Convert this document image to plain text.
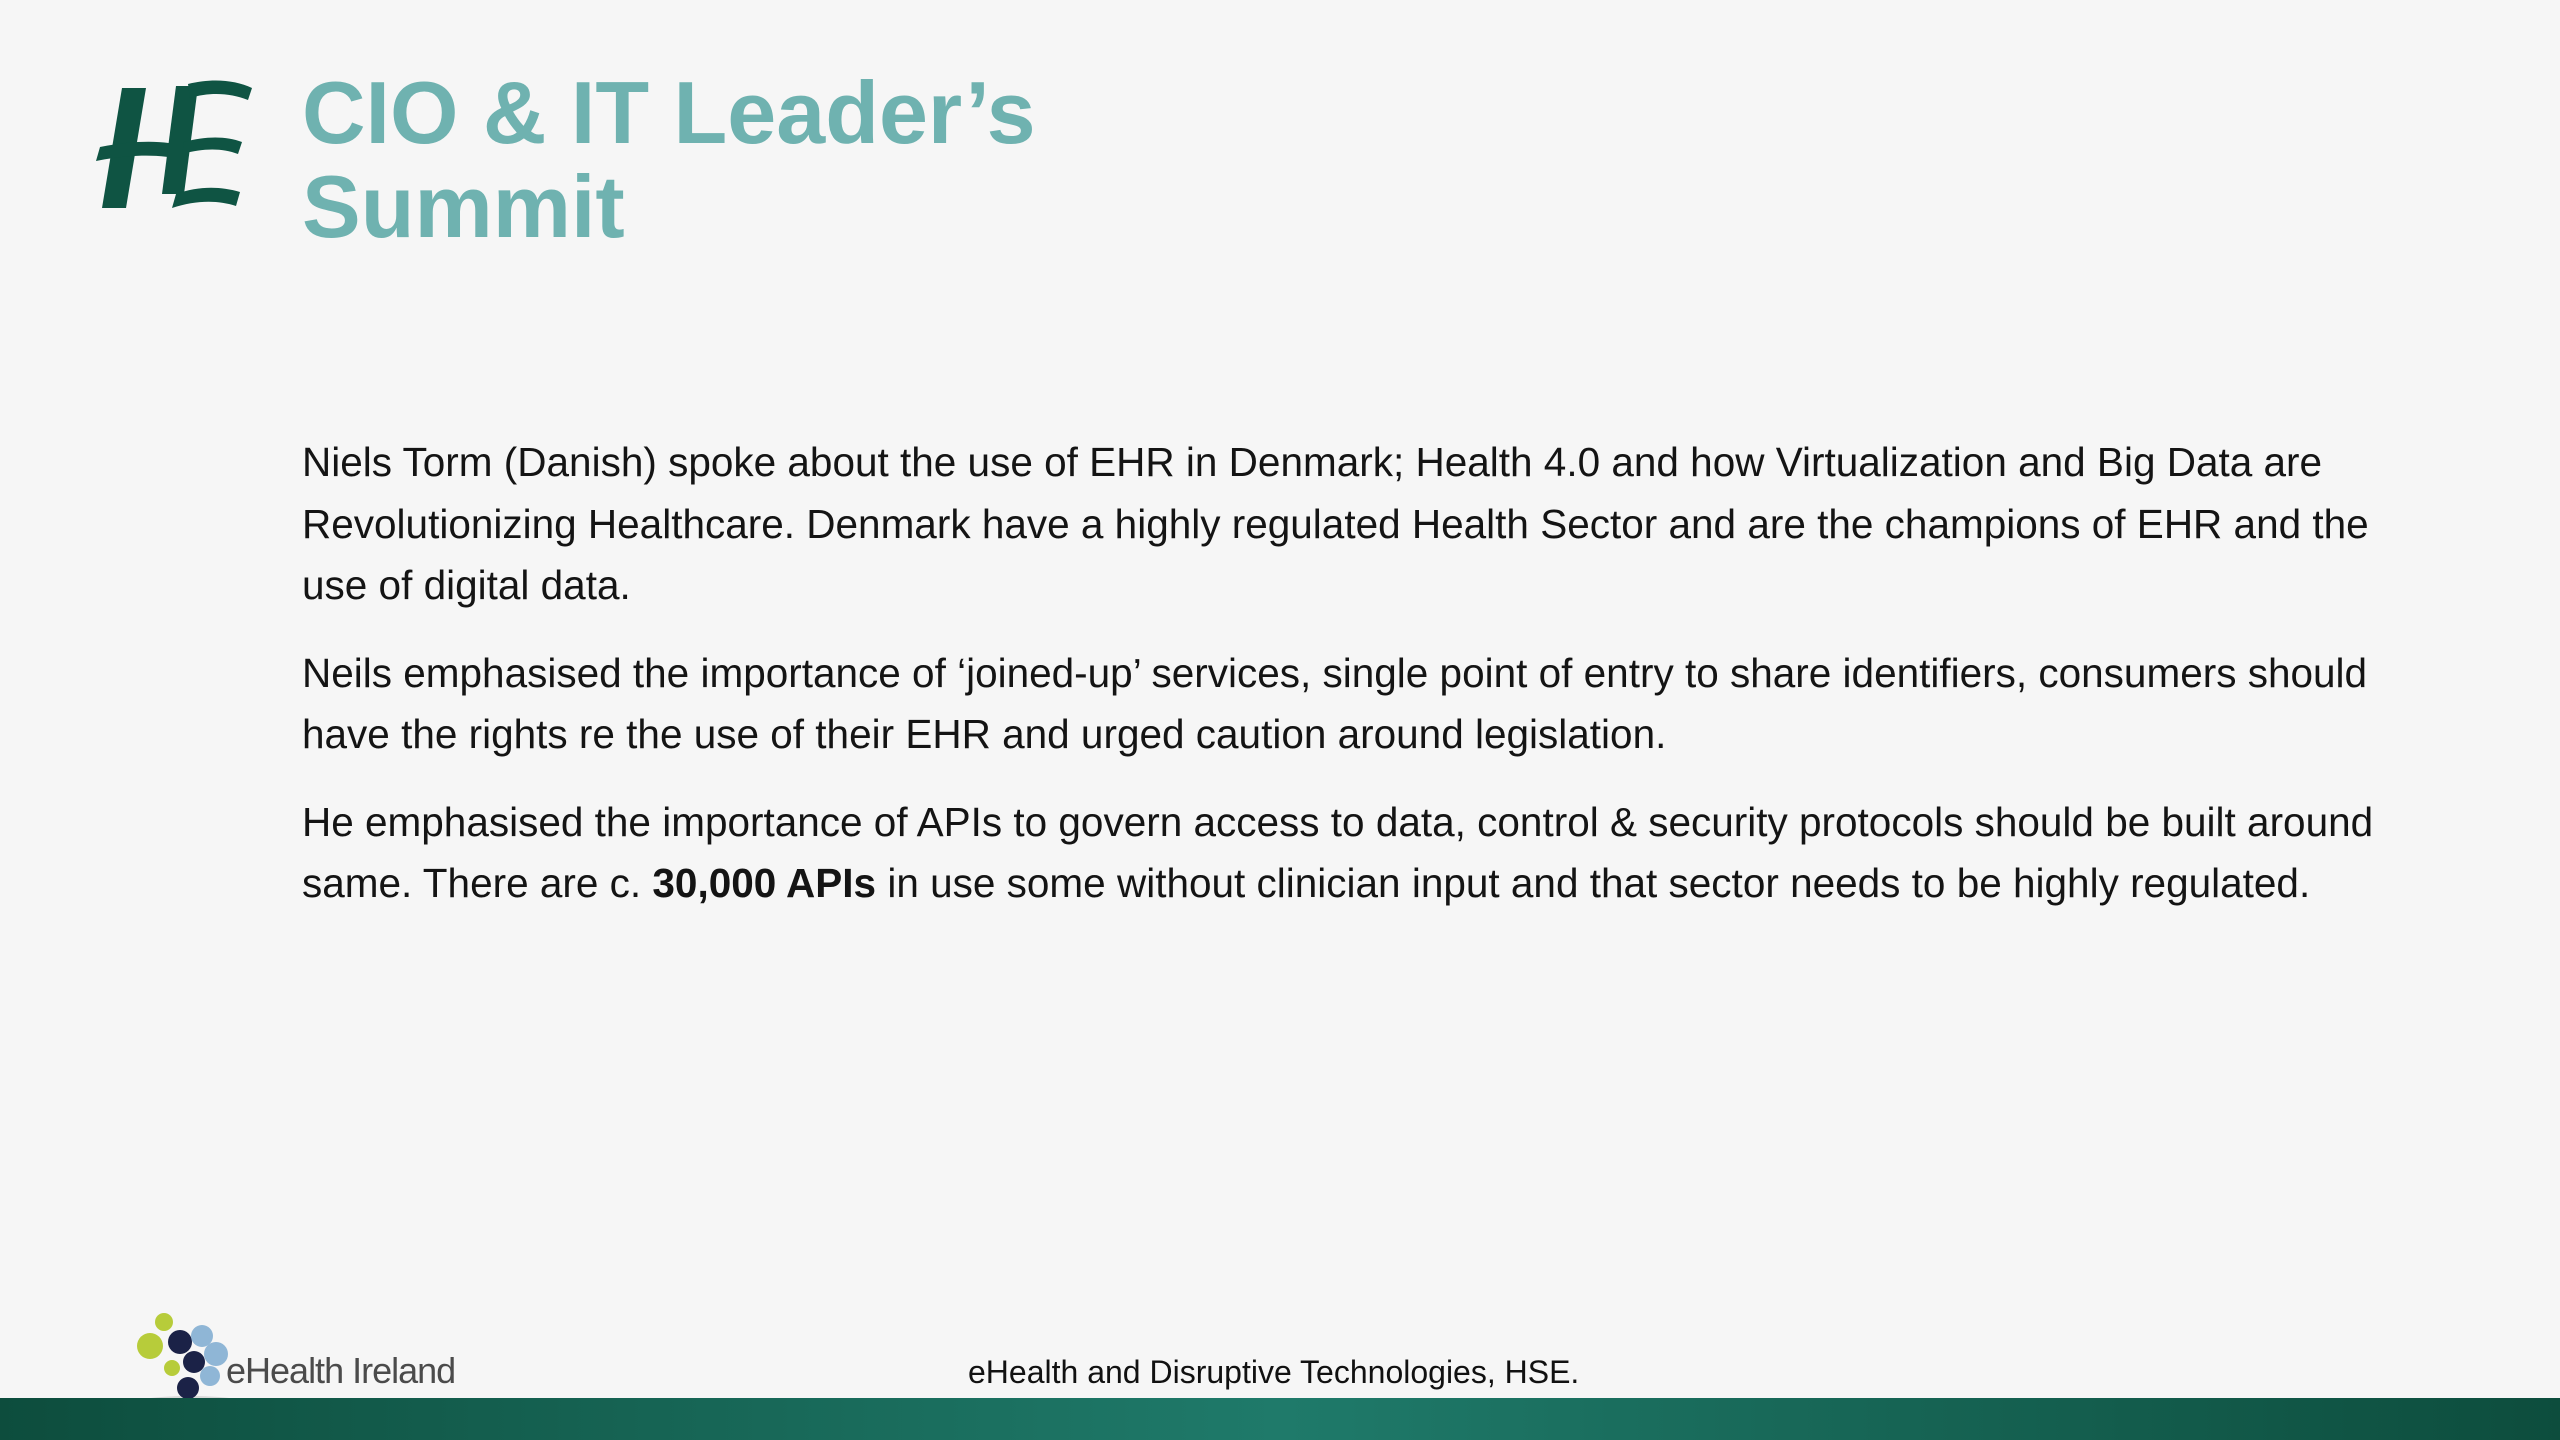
CIO & IT Leader’s
Summit

Niels Torm (Danish) spoke about the use of EHR in Denmark; Health 4.0 and how Virtualization and Big Data are Revolutionizing Healthcare. Denmark have a highly regulated Health Sector and are the champions of EHR and the use of digital data.

Neils emphasised the importance of ‘joined-up’ services, single point of entry to share identifiers, consumers should have the rights re the use of their EHR and urged caution around legislation.

He emphasised the importance of APIs to govern access to data, control & security protocols should be built around same. There are c. 30,000 APIs in use some without clinician input and that sector needs to be highly regulated.

eHealth Ireland	eHealth and Disruptive Technologies, HSE.
